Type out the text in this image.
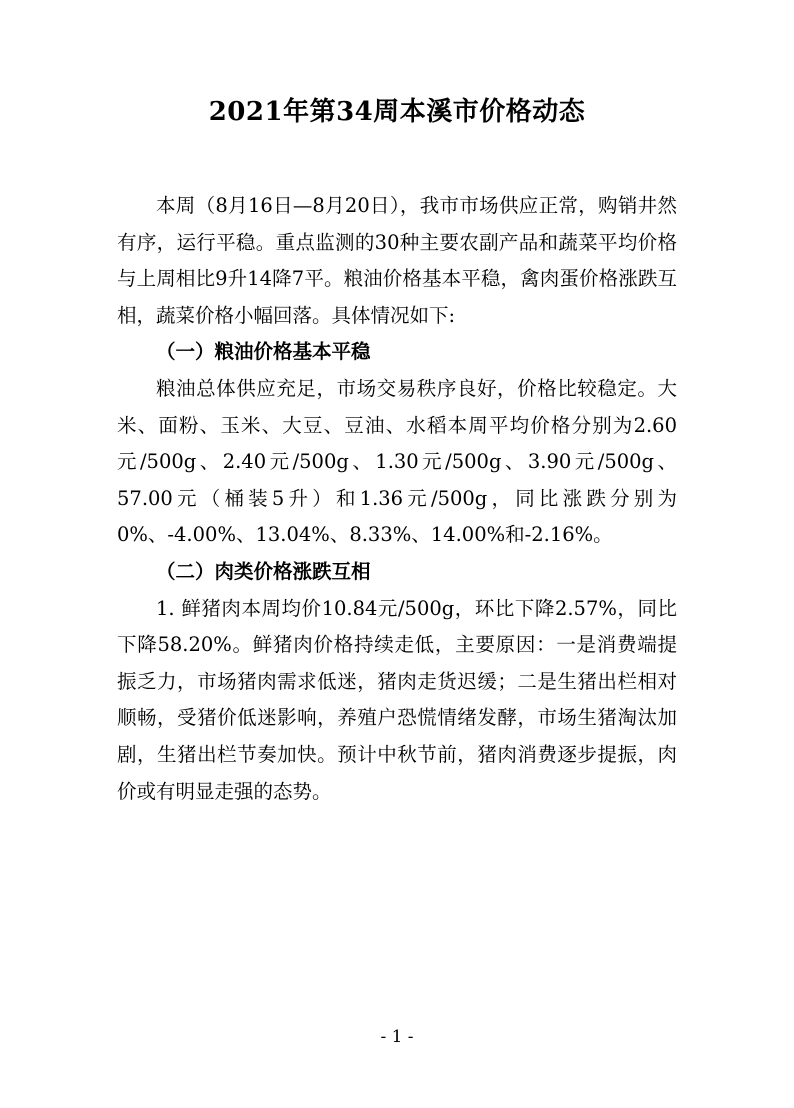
2021年第34周本溪市价格动态

本周（8月16日—8月20日），我市市场供应正常，购销井然有序，运行平稳。重点监测的30种主要农副产品和蔬菜平均价格与上周相比9升14降7平。粮油价格基本平稳，禽肉蛋价格涨跌互相，蔬菜价格小幅回落。具体情况如下:

（一）粮油价格基本平稳

粮油总体供应充足，市场交易秩序良好，价格比较稳定。大米、面粉、玉米、大豆、豆油、水稻本周平均价格分别为2.60元/500g、2.40元/500g、1.30元/500g、3.90元/500g、57.00元（桶装5升）和1.36元/500g，同比涨跌分别为0%、-4.00%、13.04%、8.33%、14.00%和-2.16%。

（二）肉类价格涨跌互相

1. 鲜猪肉本周均价10.84元/500g，环比下降2.57%，同比下降58.20%。鲜猪肉价格持续走低，主要原因：一是消费端提振乏力，市场猪肉需求低迷，猪肉走货迟缓；二是生猪出栏相对顺畅，受猪价低迷影响，养殖户恐慌情绪发酵，市场生猪淘汰加剧，生猪出栏节奏加快。预计中秋节前，猪肉消费逐步提振，肉价或有明显走强的态势。

- 1 -
